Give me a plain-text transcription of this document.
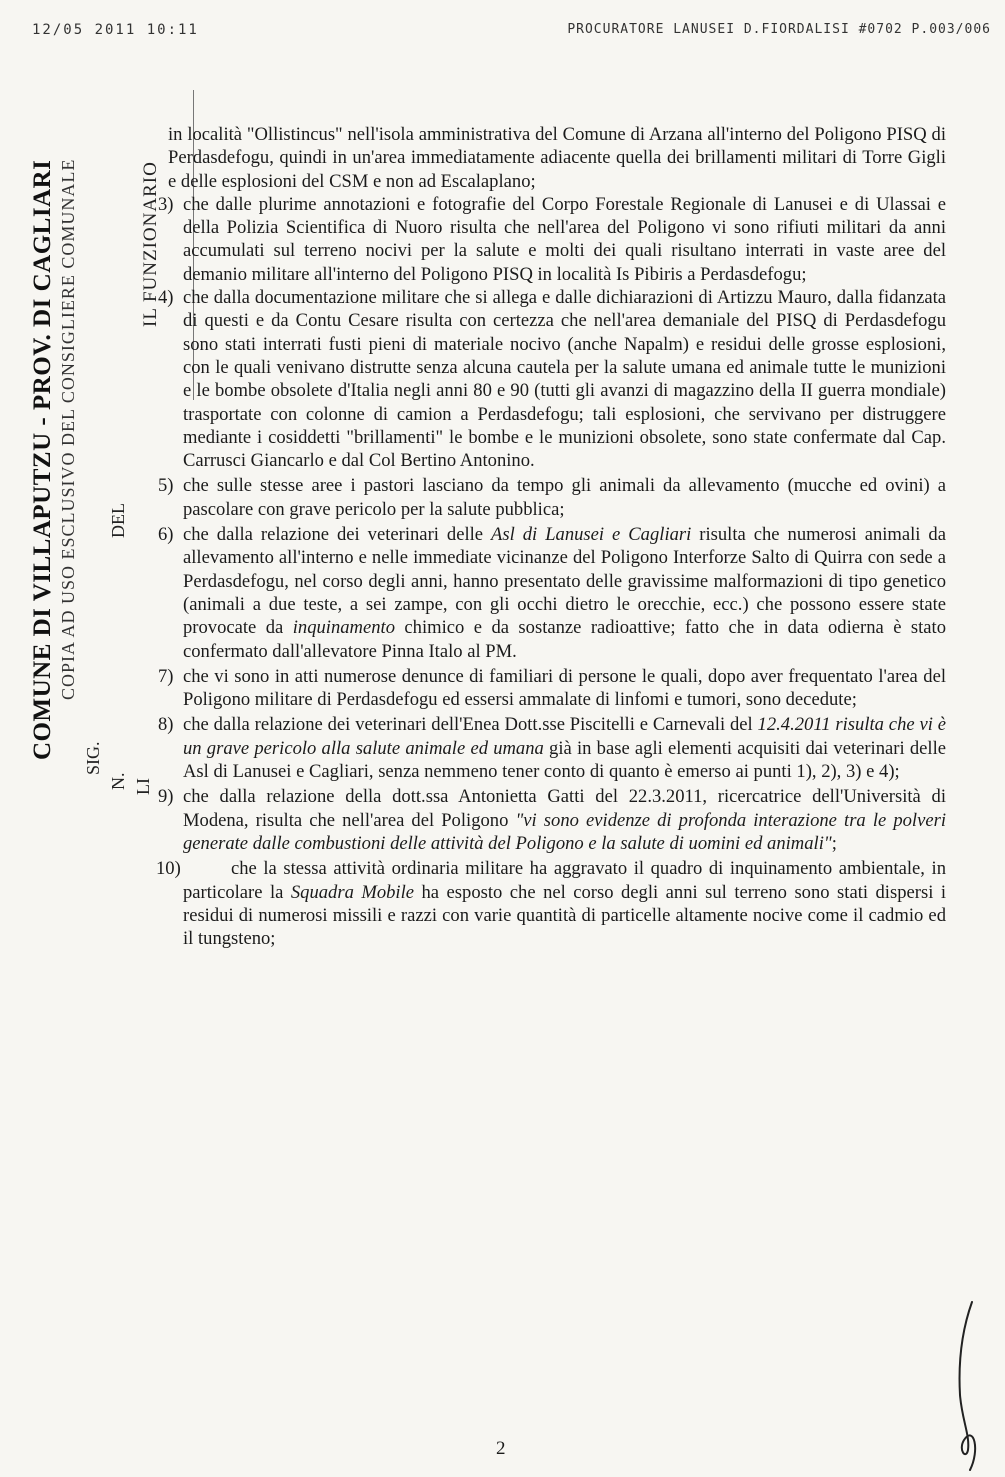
12/05 2011 10:11	PROCURATORE LANUSEI D.FIORDALISI #0702 P.003/006
COMUNE DI VILLAPUTZU - PROV. DI CAGLIARI COPIA AD USO ESCLUSIVO DEL CONSIGLIERE COMUNALE
SIG.
N.
DEL
LI
IL FUNZIONARIO

in località "Ollistincus" nell'isola amministrativa del Comune di Arzana all'interno del Poligono PISQ di Perdasdefogu, quindi in un'area immediatamente adiacente quella dei brillamenti militari di Torre Gigli e delle esplosioni del CSM e non ad Escalaplano;

3) che dalle plurime annotazioni e fotografie del Corpo Forestale Regionale di Lanusei e di Ulassai e della Polizia Scientifica di Nuoro risulta che nell'area del Poligono vi sono rifiuti militari da anni accumulati sul terreno nocivi per la salute e molti dei quali risultano interrati in vaste aree del demanio militare all'interno del Poligono PISQ in località Is Pibiris a Perdasdefogu;
4) che dalla documentazione militare che si allega e dalle dichiarazioni di Artizzu Mauro, dalla fidanzata di questi e da Contu Cesare risulta con certezza che nell'area demaniale del PISQ di Perdasdefogu sono stati interrati fusti pieni di materiale nocivo (anche Napalm) e residui delle grosse esplosioni, con le quali venivano distrutte senza alcuna cautela per la salute umana ed animale tutte le munizioni e le bombe obsolete d'Italia negli anni 80 e 90 (tutti gli avanzi di magazzino della II guerra mondiale) trasportate con colonne di camion a Perdasdefogu; tali esplosioni, che servivano per distruggere mediante i cosiddetti "brillamenti" le bombe e le munizioni obsolete, sono state confermate dal Cap. Carrusci Giancarlo e dal Col Bertino Antonino.
5) che sulle stesse aree i pastori lasciano da tempo gli animali da allevamento (mucche ed ovini) a pascolare con grave pericolo per la salute pubblica;
6) che dalla relazione dei veterinari delle Asl di Lanusei e Cagliari risulta che numerosi animali da allevamento all'interno e nelle immediate vicinanze del Poligono Interforze Salto di Quirra con sede a Perdasdefogu, nel corso degli anni, hanno presentato delle gravissime malformazioni di tipo genetico (animali a due teste, a sei zampe, con gli occhi dietro le orecchie, ecc.) che possono essere state provocate da inquinamento chimico e da sostanze radioattive; fatto che in data odierna è stato confermato dall'allevatore Pinna Italo al PM.
7) che vi sono in atti numerose denunce di familiari di persone le quali, dopo aver frequentato l'area del Poligono militare di Perdasdefogu ed essersi ammalate di linfomi e tumori, sono decedute;
8) che dalla relazione dei veterinari dell'Enea Dott.sse Piscitelli e Carnevali del 12.4.2011 risulta che vi è un grave pericolo alla salute animale ed umana già in base agli elementi acquisiti dai veterinari delle Asl di Lanusei e Cagliari, senza nemmeno tener conto di quanto è emerso ai punti 1), 2), 3) e 4);
9) che dalla relazione della dott.ssa Antonietta Gatti del 22.3.2011, ricercatrice dell'Università di Modena, risulta che nell'area del Poligono "vi sono evidenze di profonda interazione tra le polveri generate dalle combustioni delle attività del Poligono e la salute di uomini ed animali";
10)	che la stessa attività ordinaria militare ha aggravato il quadro di inquinamento ambientale, in particolare la Squadra Mobile ha esposto che nel corso degli anni sul terreno sono stati dispersi i residui di numerosi missili e razzi con varie quantità di particelle altamente nocive come il cadmio ed il tungsteno;
2
